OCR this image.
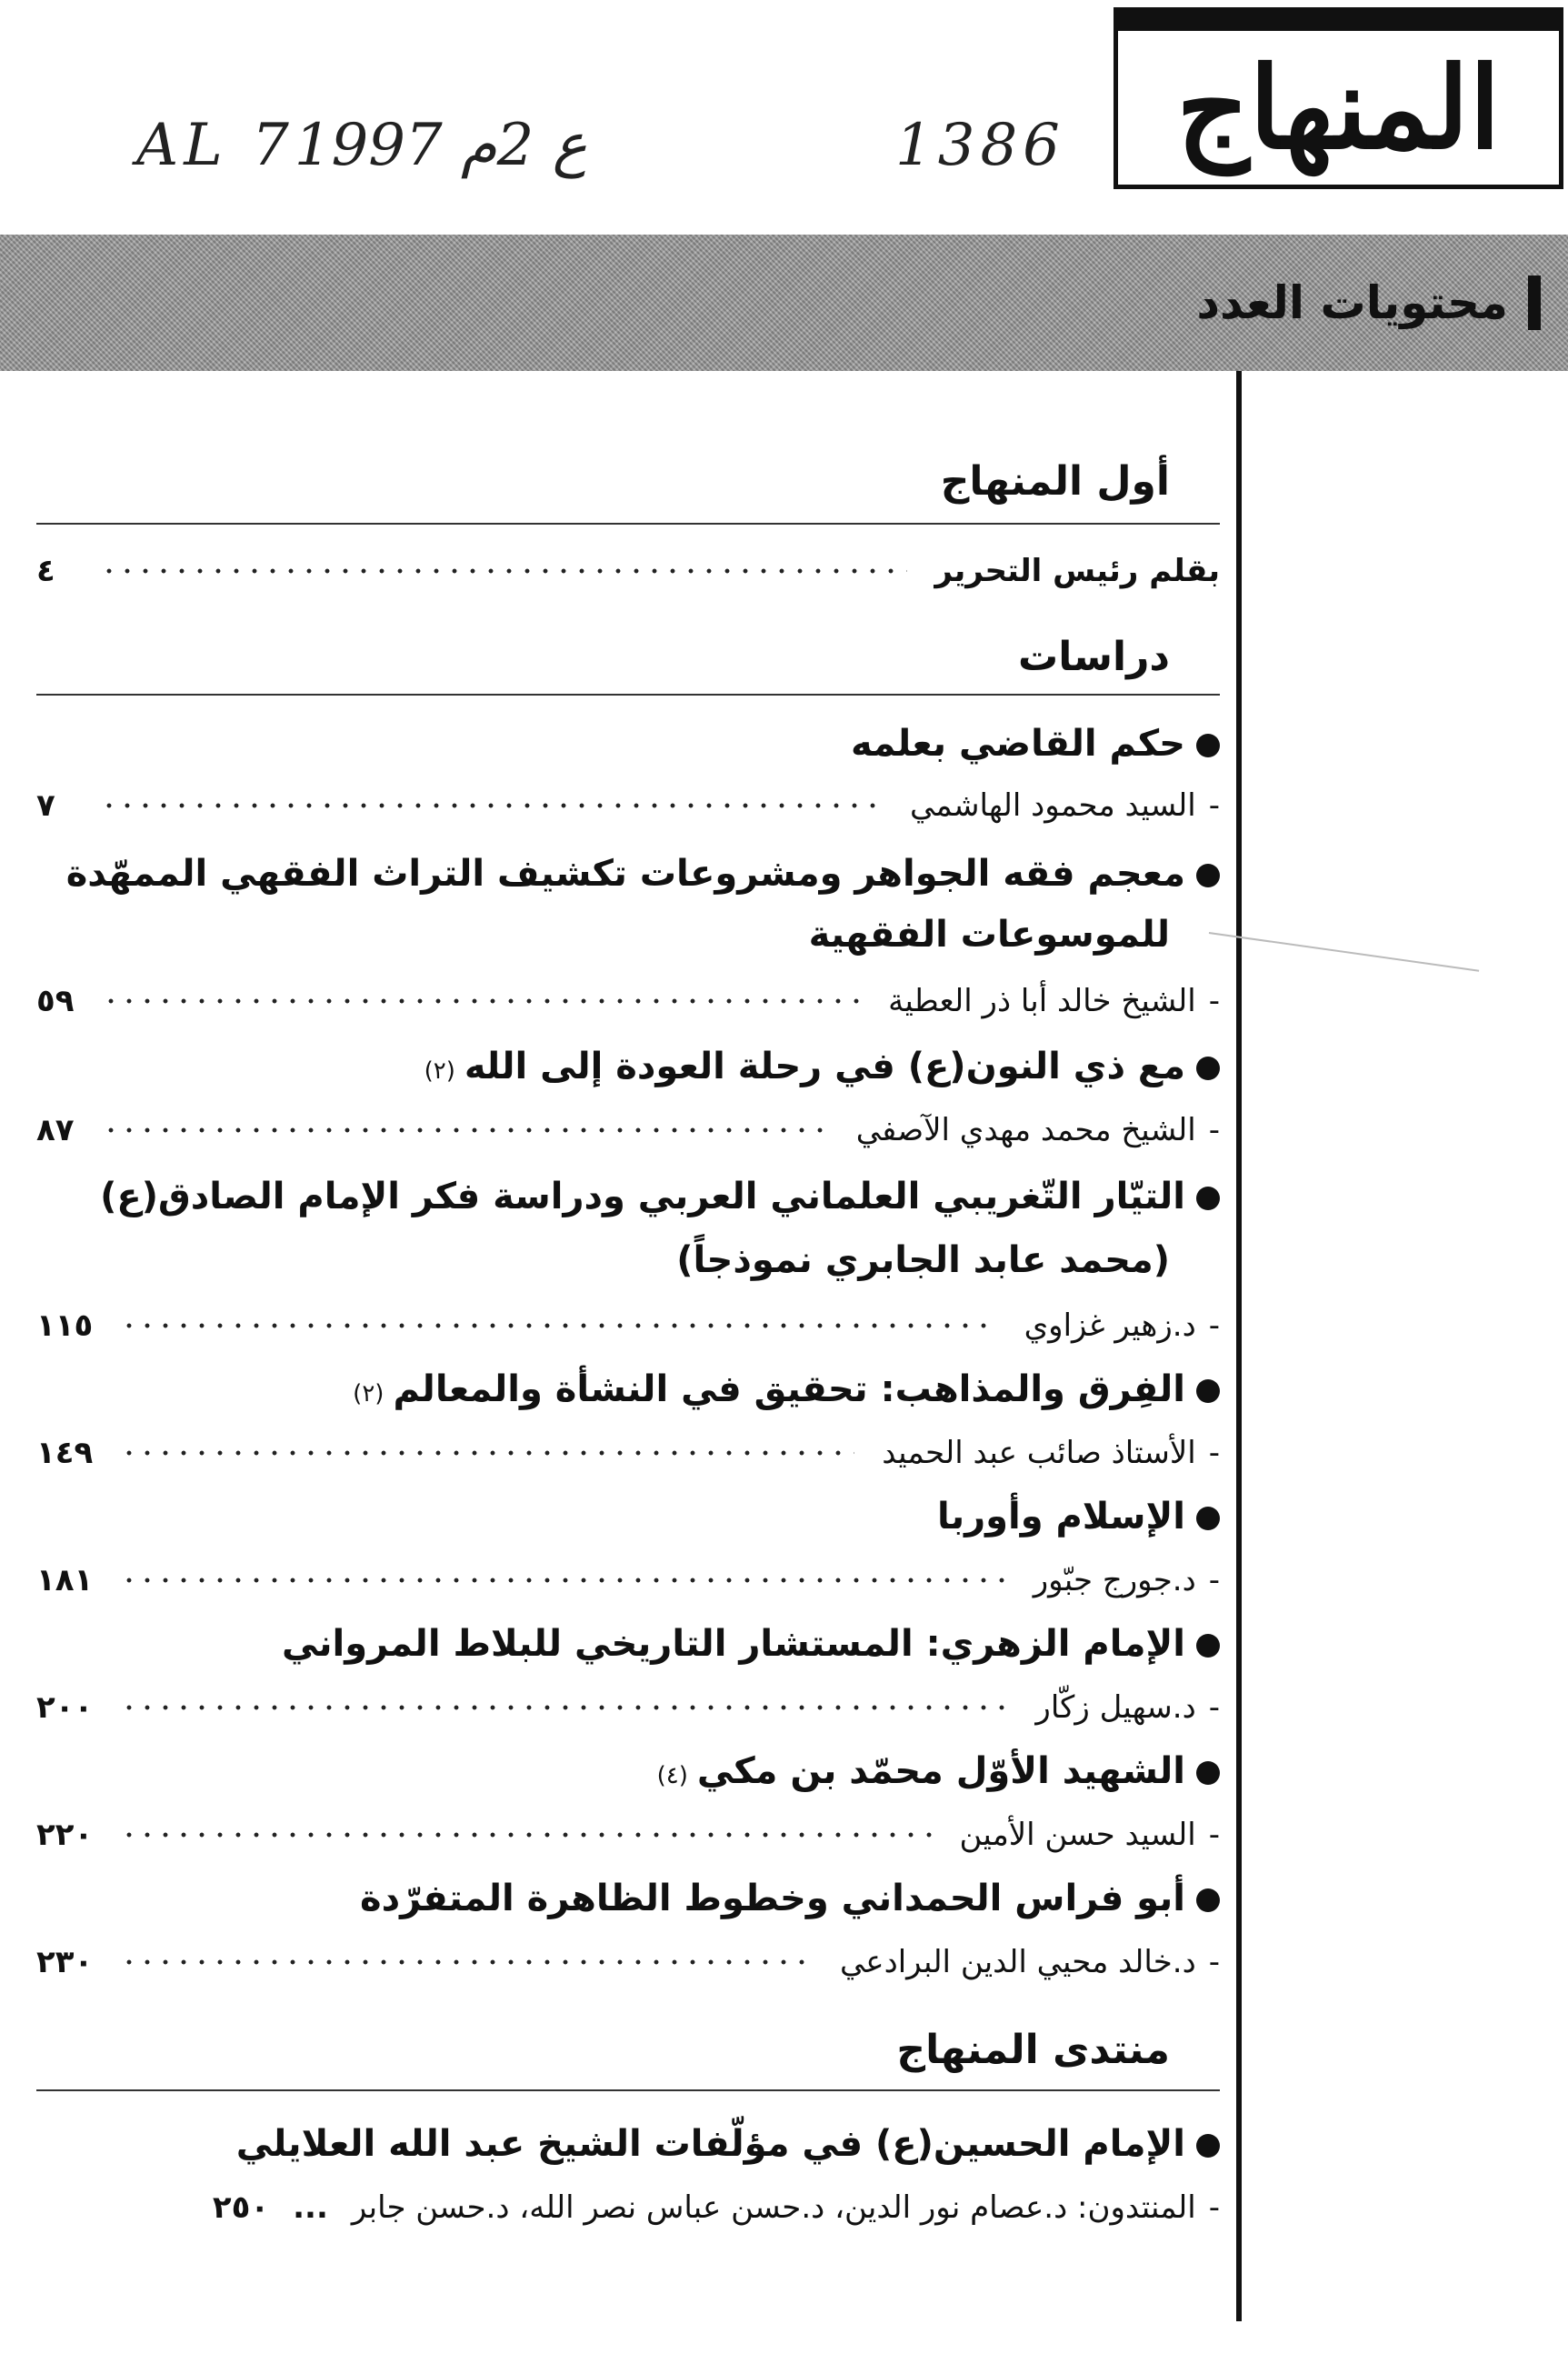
مجلة فصلية تعنى بالدراسات الإسلامية
المنهاج
AL 7ع 2م 1997	1386
محتويات العدد
أول المنهاج
بقلم رئيس التحرير
٤
دراسات
حكم القاضي بعلمه
-
السيد محمود الهاشمي
٧
معجم فقه الجواهر ومشروعات تكشيف التراث الفقهي الممهّدة
للموسوعات الفقهية
-
الشيخ خالد أبا ذر العطية
٥٩
مع ذي النون(ع) في رحلة العودة إلى الله(٢)
-
الشيخ محمد مهدي الآصفي
٨٧
التيّار التّغريبي العلماني العربي ودراسة فكر الإمام الصادق(ع)
(محمد عابد الجابري نموذجاً)
-
د.زهير غزاوي
١١٥
الفِرق والمذاهب: تحقيق في النشأة والمعالم(٢)
-
الأستاذ صائب عبد الحميد
١٤٩
الإسلام وأوربا
-
د.جورج جبّور
١٨١
الإمام الزهري: المستشار التاريخي للبلاط المرواني
-
د.سهيل زكّار
٢٠٠
الشهيد الأوّل محمّد بن مكي(٤)
-
السيد حسن الأمين
٢٢٠
أبو فراس الحمداني وخطوط الظاهرة المتفرّدة
-
د.خالد محيي الدين البرادعي
٢٣٠
منتدى المنهاج
الإمام الحسين(ع) في مؤلّفات الشيخ عبد الله العلايلي
-
المنتدون: د.عصام نور الدين، د.حسن عباس نصر الله، د.حسن جابر
...
٢٥٠
